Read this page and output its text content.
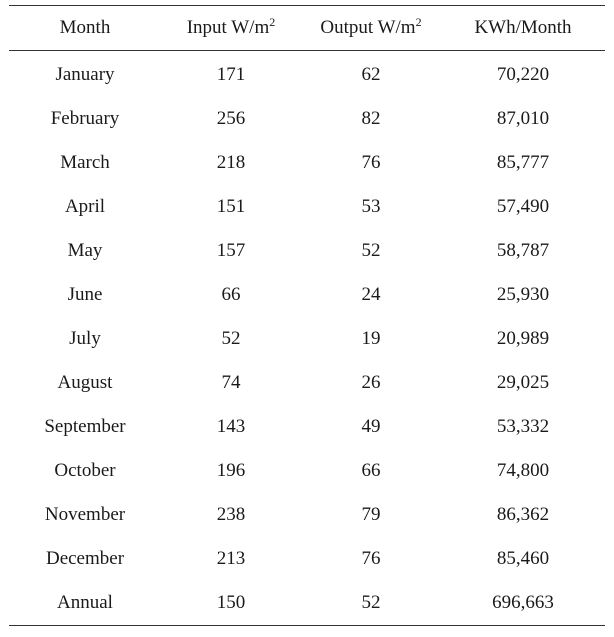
Month	Input $W/m^2$	Output $W/m^2$	KWh/Month
January	171	62	70,220
February	256	82	87,010
March	218	76	85,777
April	151	53	57,490
May	157	52	58,787
June	66	24	25,930
July	52	19	20,989
August	74	26	29,025
September	143	49	53,332
October	196	66	74,800
November	238	79	86,362
December	213	76	85,460
Annual	150	52	696,663
